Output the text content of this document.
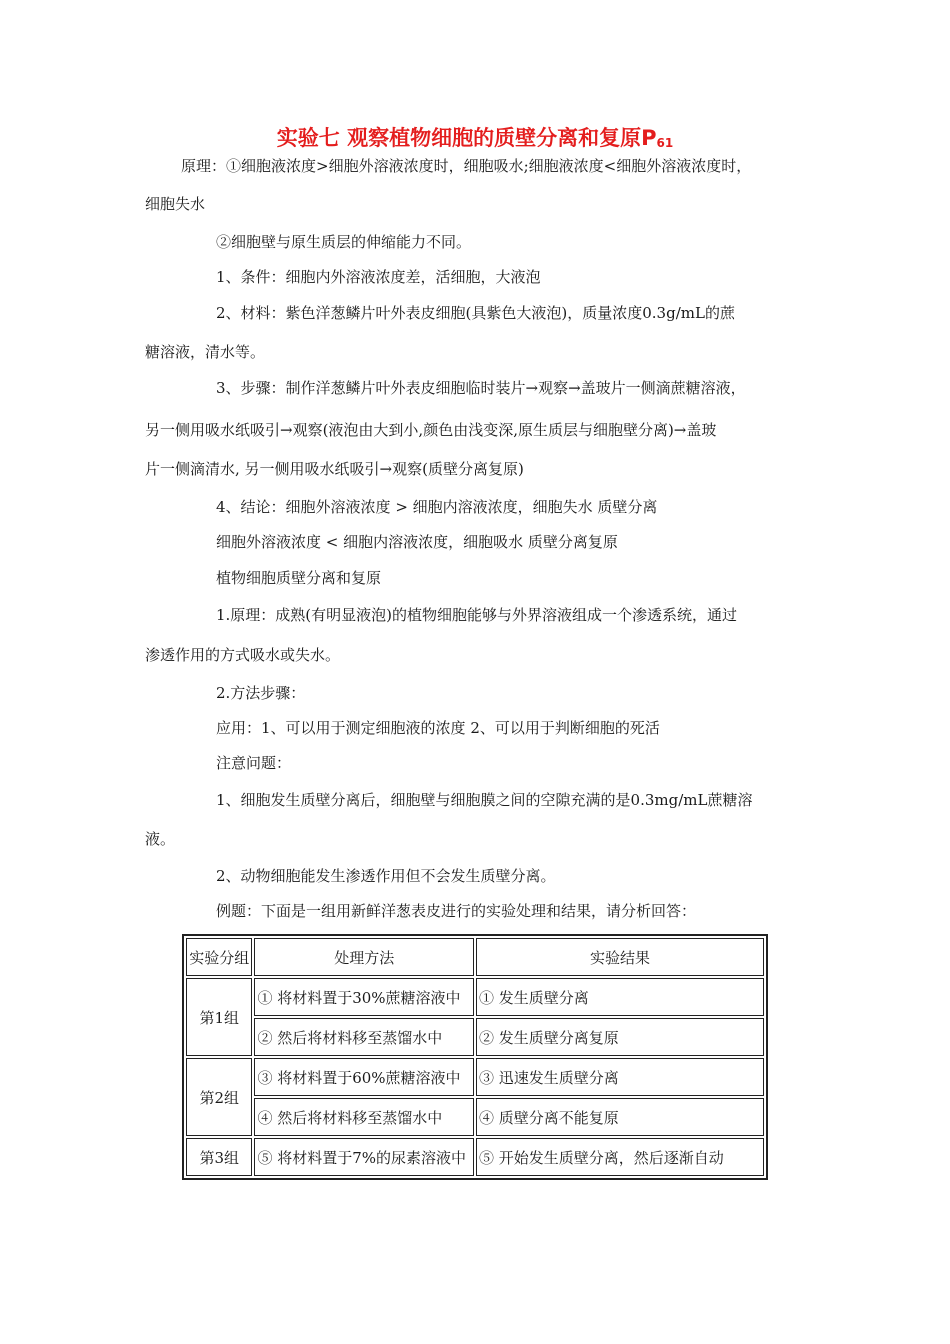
实验七 观察植物细胞的质壁分离和复原$P_{61}$
原理：①细胞液浓度>细胞外溶液浓度时，细胞吸水;细胞液浓度<细胞外溶液浓度时，
细胞失水
②细胞壁与原生质层的伸缩能力不同。
1、条件：细胞内外溶液浓度差，活细胞，大液泡
2、材料：紫色洋葱鳞片叶外表皮细胞(具紫色大液泡)，质量浓度0.3g/mL的蔗
糖溶液，清水等。
3、步骤：制作洋葱鳞片叶外表皮细胞临时装片→观察→盖玻片一侧滴蔗糖溶液，
另一侧用吸水纸吸引→观察(液泡由大到小,颜色由浅变深,原生质层与细胞壁分离)→盖玻
片一侧滴清水, 另一侧用吸水纸吸引→观察(质壁分离复原)
4、结论：细胞外溶液浓度 > 细胞内溶液浓度，细胞失水 质壁分离
细胞外溶液浓度 < 细胞内溶液浓度，细胞吸水 质壁分离复原
植物细胞质壁分离和复原
1.原理：成熟(有明显液泡)的植物细胞能够与外界溶液组成一个渗透系统，通过
渗透作用的方式吸水或失水。
2.方法步骤：
应用：1、可以用于测定细胞液的浓度 2、可以用于判断细胞的死活
注意问题：
1、细胞发生质壁分离后，细胞壁与细胞膜之间的空隙充满的是0.3mg/mL蔗糖溶
液。
2、动物细胞能发生渗透作用但不会发生质壁分离。
例题：下面是一组用新鲜洋葱表皮进行的实验处理和结果，请分析回答：
实验分组	处理方法	实验结果
第1组	① 将材料置于30%蔗糖溶液中	① 发生质壁分离
	② 然后将材料移至蒸馏水中	② 发生质壁分离复原
第2组	③ 将材料置于60%蔗糖溶液中	③ 迅速发生质壁分离
	④ 然后将材料移至蒸馏水中	④ 质壁分离不能复原
第3组	⑤ 将材料置于7%的尿素溶液中	⑤ 开始发生质壁分离，然后逐渐自动
